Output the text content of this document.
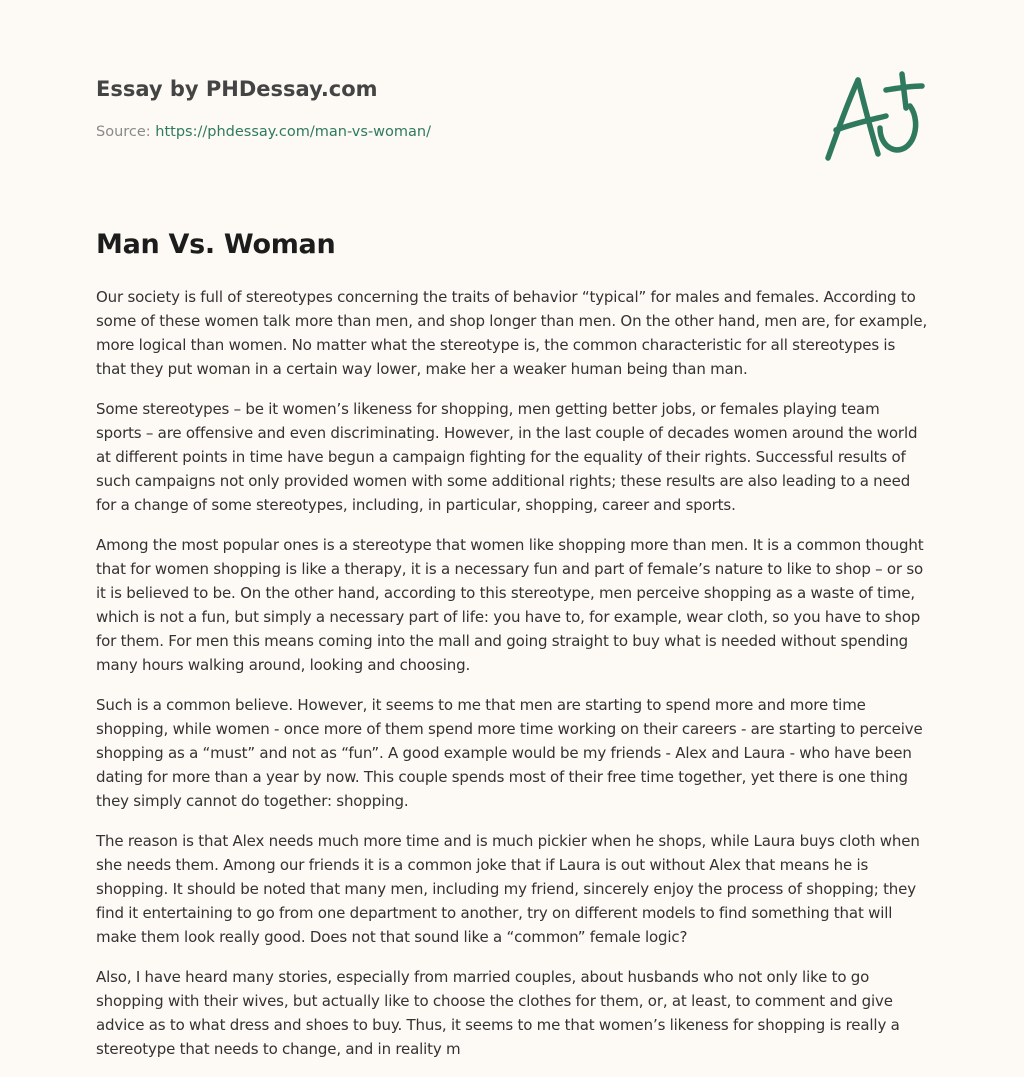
Essay by PHDessay.com
Source: https://phdessay.com/man-vs-woman/
Man Vs. Woman

Our society is full of stereotypes concerning the traits of behavior “typical” for males and females. According to some of these women talk more than men, and shop longer than men. On the other hand, men are, for example, more logical than women. No matter what the stereotype is, the common characteristic for all stereotypes is that they put woman in a certain way lower, make her a weaker human being than man.

Some stereotypes – be it women’s likeness for shopping, men getting better jobs, or females playing team sports – are offensive and even discriminating. However, in the last couple of decades women around the world at different points in time have begun a campaign fighting for the equality of their rights. Successful results of such campaigns not only provided women with some additional rights; these results are also leading to a need for a change of some stereotypes, including, in particular, shopping, career and sports.

Among the most popular ones is a stereotype that women like shopping more than men. It is a common thought that for women shopping is like a therapy, it is a necessary fun and part of female’s nature to like to shop – or so it is believed to be. On the other hand, according to this stereotype, men perceive shopping as a waste of time, which is not a fun, but simply a necessary part of life: you have to, for example, wear cloth, so you have to shop for them. For men this means coming into the mall and going straight to buy what is needed without spending many hours walking around, looking and choosing.

Such is a common believe. However, it seems to me that men are starting to spend more and more time shopping, while women - once more of them spend more time working on their careers - are starting to perceive shopping as a “must” and not as “fun”. A good example would be my friends - Alex and Laura - who have been dating for more than a year by now. This couple spends most of their free time together, yet there is one thing they simply cannot do together: shopping.

The reason is that Alex needs much more time and is much pickier when he shops, while Laura buys cloth when she needs them. Among our friends it is a common joke that if Laura is out without Alex that means he is shopping. It should be noted that many men, including my friend, sincerely enjoy the process of shopping; they find it entertaining to go from one department to another, try on different models to find something that will make them look really good. Does not that sound like a “common” female logic?

Also, I have heard many stories, especially from married couples, about husbands who not only like to go shopping with their wives, but actually like to choose the clothes for them, or, at least, to comment and give advice as to what dress and shoes to buy. Thus, it seems to me that women’s likeness for shopping is really a stereotype that needs to change, and in reality m
